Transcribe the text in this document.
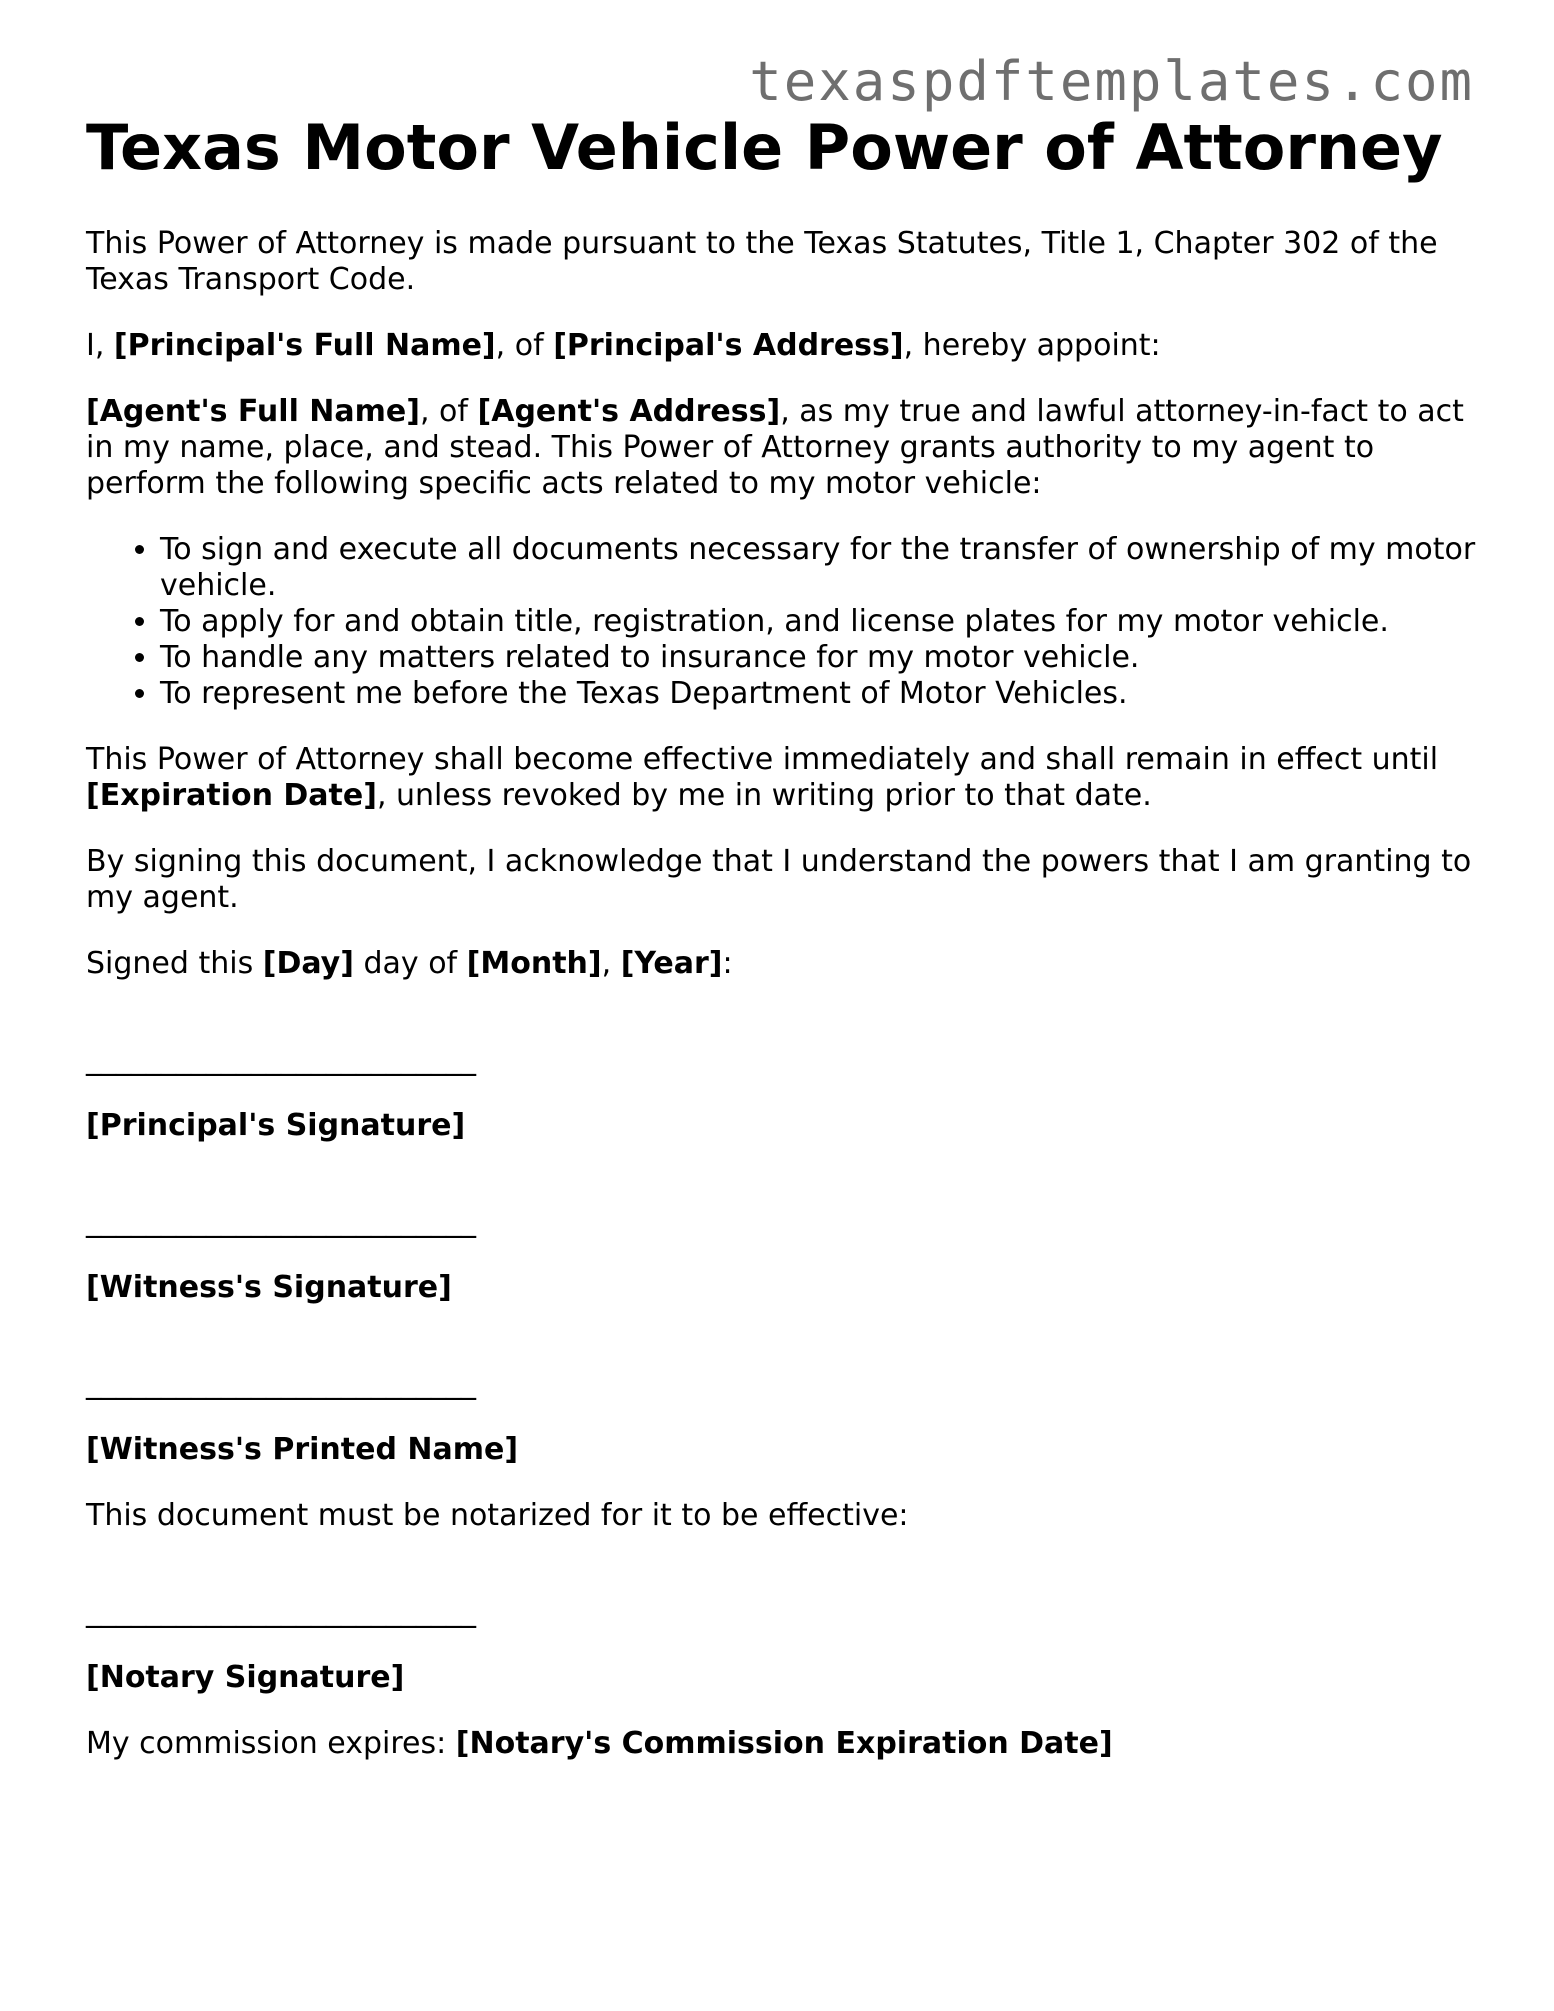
texaspdftemplates.com
Texas Motor Vehicle Power of Attorney

This Power of Attorney is made pursuant to the Texas Statutes, Title 1, Chapter 302 of the Texas Transport Code.

I, [Principal's Full Name], of [Principal's Address], hereby appoint:

[Agent's Full Name], of [Agent's Address], as my true and lawful attorney-in-fact to act in my name, place, and stead. This Power of Attorney grants authority to my agent to perform the following specific acts related to my motor vehicle:

• To sign and execute all documents necessary for the transfer of ownership of my motor vehicle.
• To apply for and obtain title, registration, and license plates for my motor vehicle.
• To handle any matters related to insurance for my motor vehicle.
• To represent me before the Texas Department of Motor Vehicles.

This Power of Attorney shall become effective immediately and shall remain in effect until [Expiration Date], unless revoked by me in writing prior to that date.

By signing this document, I acknowledge that I understand the powers that I am granting to my agent.

Signed this [Day] day of [Month], [Year]:

__________________________

[Principal's Signature]

__________________________

[Witness's Signature]

__________________________

[Witness's Printed Name]

This document must be notarized for it to be effective:

__________________________

[Notary Signature]

My commission expires: [Notary's Commission Expiration Date]
